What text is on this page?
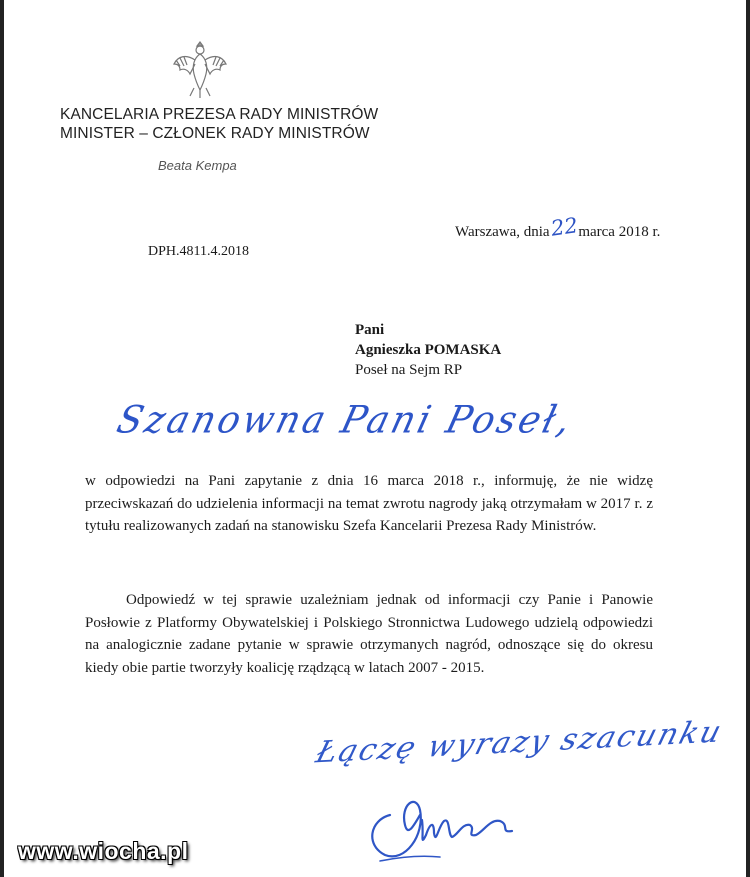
KANCELARIA PREZESA RADY MINISTRÓW
MINISTER – CZŁONEK RADY MINISTRÓW
Beata Kempa
Warszawa, dnia22marca 2018 r.
DPH.4811.4.2018
Pani
Agnieszka POMASKA
Poseł na Sejm RP
Szanowna Pani Poseł,
w odpowiedzi na Pani zapytanie z dnia 16 marca 2018 r., informuję, że nie widzę przeciwskazań do udzielenia informacji na temat zwrotu nagrody jaką otrzymałam w 2017 r. z tytułu realizowanych zadań na stanowisku Szefa Kancelarii Prezesa Rady Ministrów.
Odpowiedź w tej sprawie uzależniam jednak od informacji czy Panie i Panowie Posłowie z Platformy Obywatelskiej i Polskiego Stronnictwa Ludowego udzielą odpowiedzi na analogicznie zadane pytanie w sprawie otrzymanych nagród, odnoszące się do okresu kiedy obie partie tworzyły koalicję rządzącą w latach 2007 - 2015.
Łączę wyrazy szacunku
www.wiocha.pl
